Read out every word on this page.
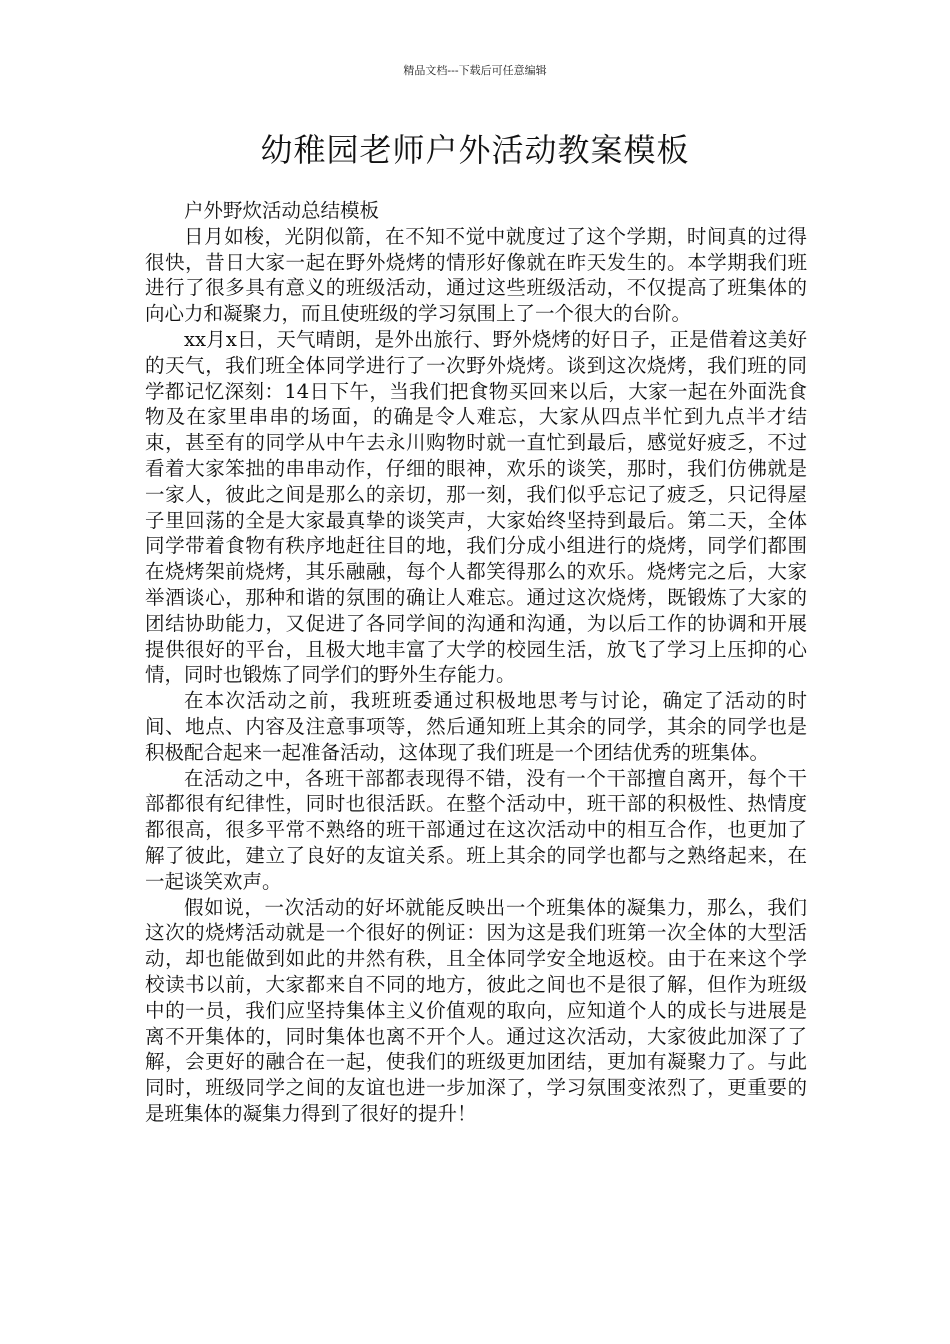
精品文档---下载后可任意编辑
幼稚园老师户外活动教案模板

户外野炊活动总结模板

日月如梭，光阴似箭，在不知不觉中就度过了这个学期，时间真的过得很快，昔日大家一起在野外烧烤的情形好像就在昨天发生的。本学期我们班进行了很多具有意义的班级活动，通过这些班级活动，不仅提高了班集体的向心力和凝聚力，而且使班级的学习氛围上了一个很大的台阶。

xx月x日，天气晴朗，是外出旅行、野外烧烤的好日子，正是借着这美好的天气，我们班全体同学进行了一次野外烧烤。谈到这次烧烤，我们班的同学都记忆深刻：14日下午，当我们把食物买回来以后，大家一起在外面洗食物及在家里串串的场面，的确是令人难忘，大家从四点半忙到九点半才结束，甚至有的同学从中午去永川购物时就一直忙到最后，感觉好疲乏，不过看着大家笨拙的串串动作，仔细的眼神，欢乐的谈笑，那时，我们仿佛就是一家人，彼此之间是那么的亲切，那一刻，我们似乎忘记了疲乏，只记得屋子里回荡的全是大家最真挚的谈笑声，大家始终坚持到最后。第二天，全体同学带着食物有秩序地赶往目的地，我们分成小组进行的烧烤，同学们都围在烧烤架前烧烤，其乐融融，每个人都笑得那么的欢乐。烧烤完之后，大家举酒谈心，那种和谐的氛围的确让人难忘。通过这次烧烤，既锻炼了大家的团结协助能力，又促进了各同学间的沟通和沟通，为以后工作的协调和开展提供很好的平台，且极大地丰富了大学的校园生活，放飞了学习上压抑的心情，同时也锻炼了同学们的野外生存能力。

在本次活动之前，我班班委通过积极地思考与讨论，确定了活动的时间、地点、内容及注意事项等，然后通知班上其余的同学，其余的同学也是积极配合起来一起准备活动，这体现了我们班是一个团结优秀的班集体。

在活动之中，各班干部都表现得不错，没有一个干部擅自离开，每个干部都很有纪律性，同时也很活跃。在整个活动中，班干部的积极性、热情度都很高，很多平常不熟络的班干部通过在这次活动中的相互合作，也更加了解了彼此，建立了良好的友谊关系。班上其余的同学也都与之熟络起来，在一起谈笑欢声。

假如说，一次活动的好坏就能反映出一个班集体的凝集力，那么，我们这次的烧烤活动就是一个很好的例证：因为这是我们班第一次全体的大型活动，却也能做到如此的井然有秩，且全体同学安全地返校。由于在来这个学校读书以前，大家都来自不同的地方，彼此之间也不是很了解，但作为班级中的一员，我们应坚持集体主义价值观的取向，应知道个人的成长与进展是离不开集体的，同时集体也离不开个人。通过这次活动，大家彼此加深了了解，会更好的融合在一起，使我们的班级更加团结，更加有凝聚力了。与此同时，班级同学之间的友谊也进一步加深了，学习氛围变浓烈了，更重要的是班集体的凝集力得到了很好的提升！
